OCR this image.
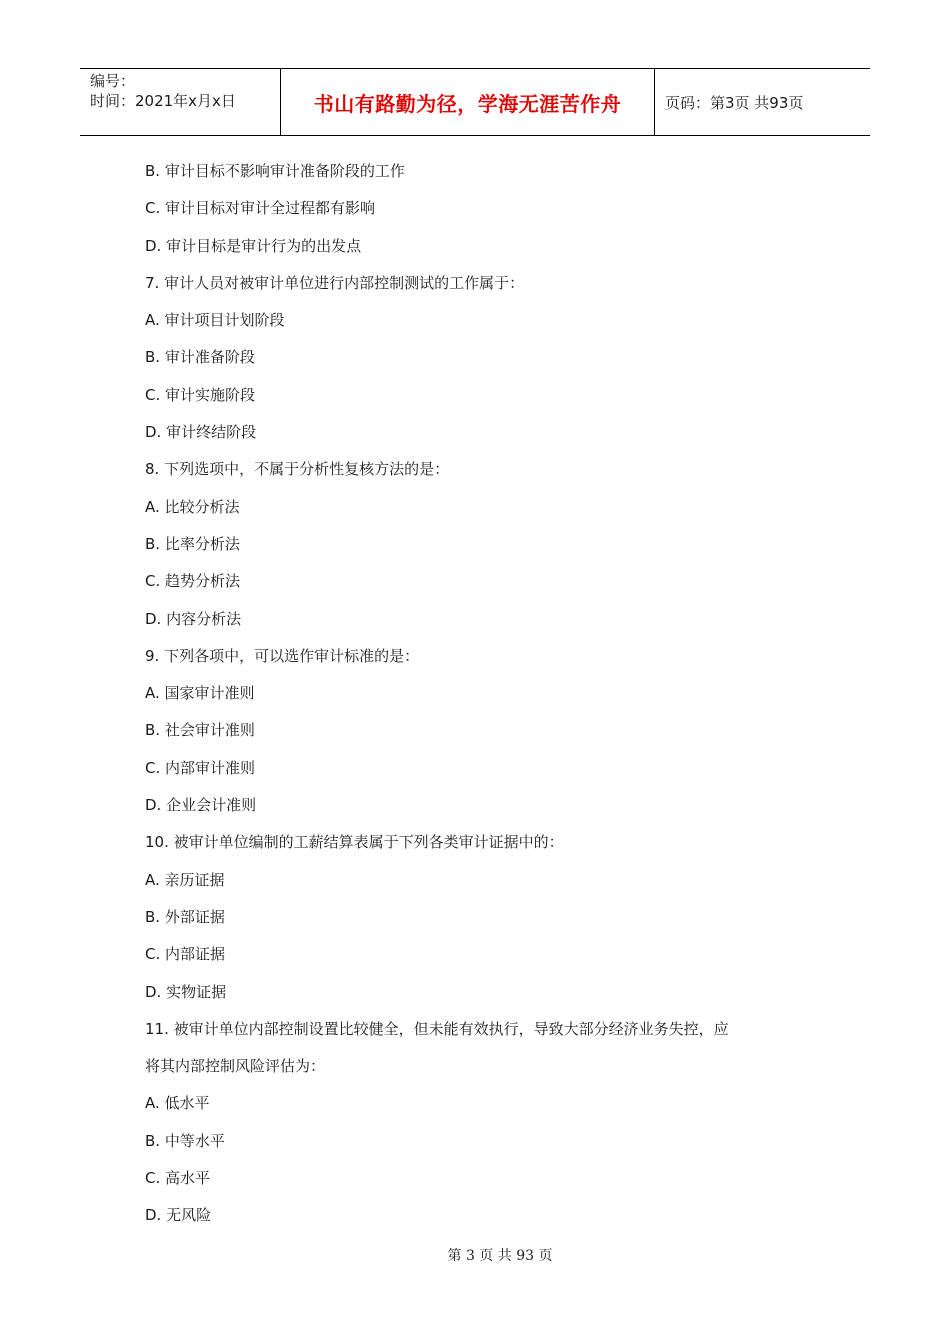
编号：
时间：2021年x月x日	书山有路勤为径，学海无涯苦作舟	页码：第3页 共93页
B. 审计目标不影响审计准备阶段的工作
C. 审计目标对审计全过程都有影响
D. 审计目标是审计行为的出发点
7. 审计人员对被审计单位进行内部控制测试的工作属于：
A. 审计项目计划阶段
B. 审计准备阶段
C. 审计实施阶段
D. 审计终结阶段
8. 下列选项中，不属于分析性复核方法的是：
A. 比较分析法
B. 比率分析法
C. 趋势分析法
D. 内容分析法
9. 下列各项中，可以选作审计标准的是：
A. 国家审计准则
B. 社会审计准则
C. 内部审计准则
D. 企业会计准则
10. 被审计单位编制的工薪结算表属于下列各类审计证据中的：
A. 亲历证据
B. 外部证据
C. 内部证据
D. 实物证据
11. 被审计单位内部控制设置比较健全，但未能有效执行，导致大部分经济业务失控，应
将其内部控制风险评估为：
A. 低水平
B. 中等水平
C. 高水平
D. 无风险
第 3 页 共 93 页
